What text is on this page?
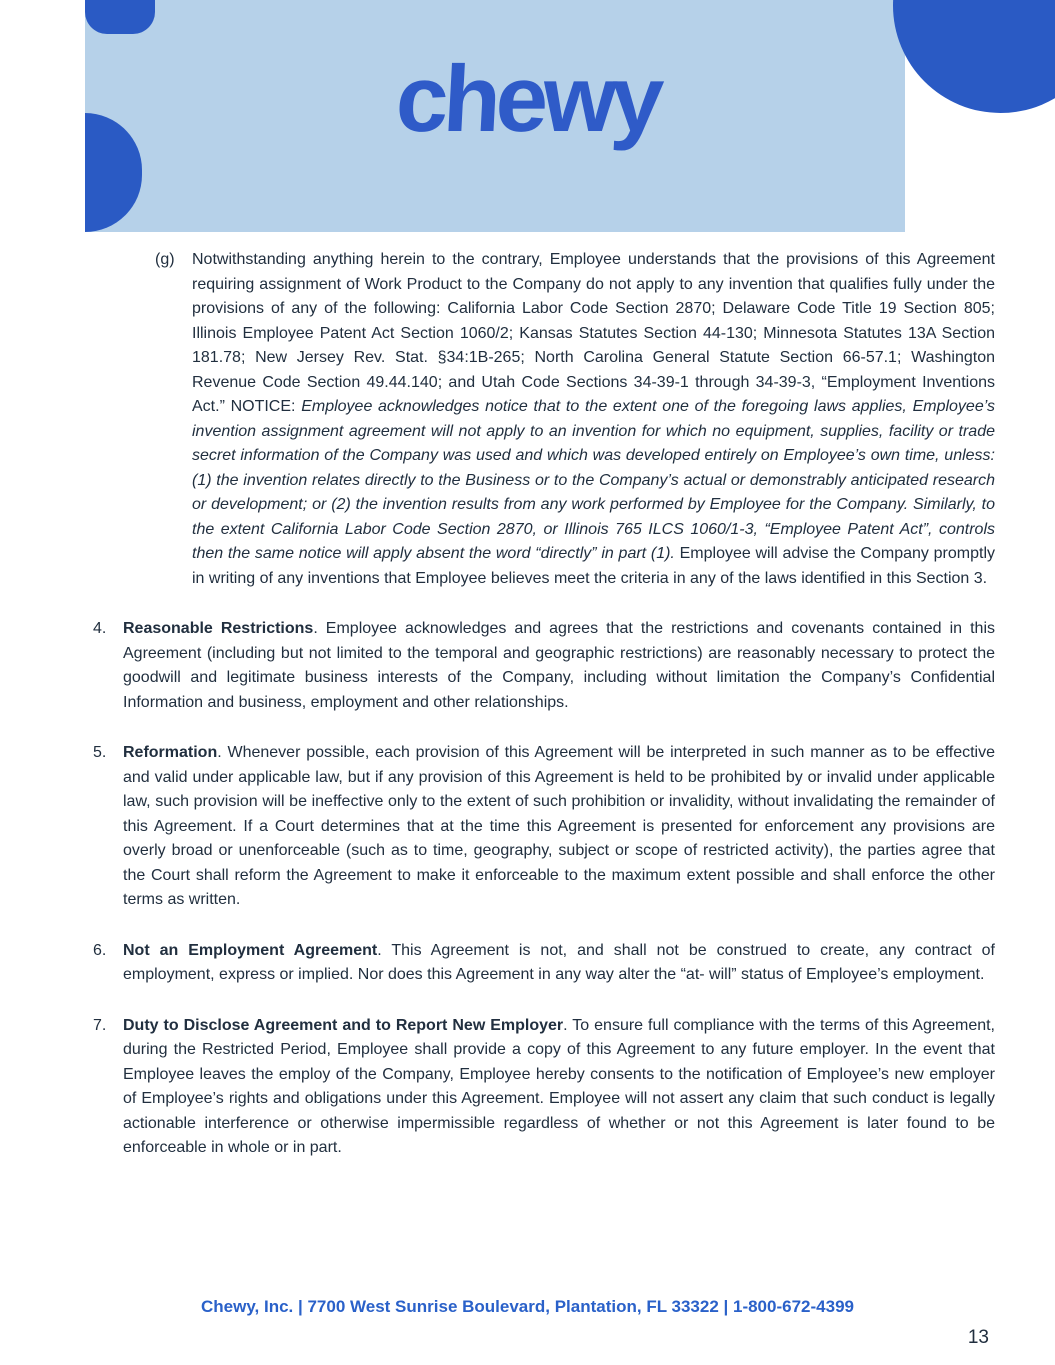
chewy
(g)	Notwithstanding anything herein to the contrary, Employee understands that the provisions of this Agreement requiring assignment of Work Product to the Company do not apply to any invention that qualifies fully under the provisions of any of the following: California Labor Code Section 2870; Delaware Code Title 19 Section 805; Illinois Employee Patent Act Section 1060/2; Kansas Statutes Section 44-130; Minnesota Statutes 13A Section 181.78; New Jersey Rev. Stat. §34:1B-265; North Carolina General Statute Section 66-57.1; Washington Revenue Code Section 49.44.140; and Utah Code Sections 34-39-1 through 34-39-3, “Employment Inventions Act.” NOTICE: Employee acknowledges notice that to the extent one of the foregoing laws applies, Employee’s invention assignment agreement will not apply to an invention for which no equipment, supplies, facility or trade secret information of the Company was used and which was developed entirely on Employee’s own time, unless: (1) the invention relates directly to the Business or to the Company’s actual or demonstrably anticipated research or development; or (2) the invention results from any work performed by Employee for the Company. Similarly, to the extent California Labor Code Section 2870, or Illinois 765 ILCS 1060/1-3, “Employee Patent Act”, controls then the same notice will apply absent the word “directly” in part (1). Employee will advise the Company promptly in writing of any inventions that Employee believes meet the criteria in any of the laws identified in this Section 3.

4.	Reasonable Restrictions. Employee acknowledges and agrees that the restrictions and covenants contained in this Agreement (including but not limited to the temporal and geographic restrictions) are reasonably necessary to protect the goodwill and legitimate business interests of the Company, including without limitation the Company’s Confidential Information and business, employment and other relationships.

5.	Reformation. Whenever possible, each provision of this Agreement will be interpreted in such manner as to be effective and valid under applicable law, but if any provision of this Agreement is held to be prohibited by or invalid under applicable law, such provision will be ineffective only to the extent of such prohibition or invalidity, without invalidating the remainder of this Agreement. If a Court determines that at the time this Agreement is presented for enforcement any provisions are overly broad or unenforceable (such as to time, geography, subject or scope of restricted activity), the parties agree that the Court shall reform the Agreement to make it enforceable to the maximum extent possible and shall enforce the other terms as written.

6.	Not an Employment Agreement. This Agreement is not, and shall not be construed to create, any contract of employment, express or implied. Nor does this Agreement in any way alter the “at- will” status of Employee’s employment.

7.	Duty to Disclose Agreement and to Report New Employer. To ensure full compliance with the terms of this Agreement, during the Restricted Period, Employee shall provide a copy of this Agreement to any future employer. In the event that Employee leaves the employ of the Company, Employee hereby consents to the notification of Employee’s new employer of Employee’s rights and obligations under this Agreement. Employee will not assert any claim that such conduct is legally actionable interference or otherwise impermissible regardless of whether or not this Agreement is later found to be enforceable in whole or in part.

Chewy, Inc. | 7700 West Sunrise Boulevard, Plantation, FL 33322 | 1-800-672-4399
13
